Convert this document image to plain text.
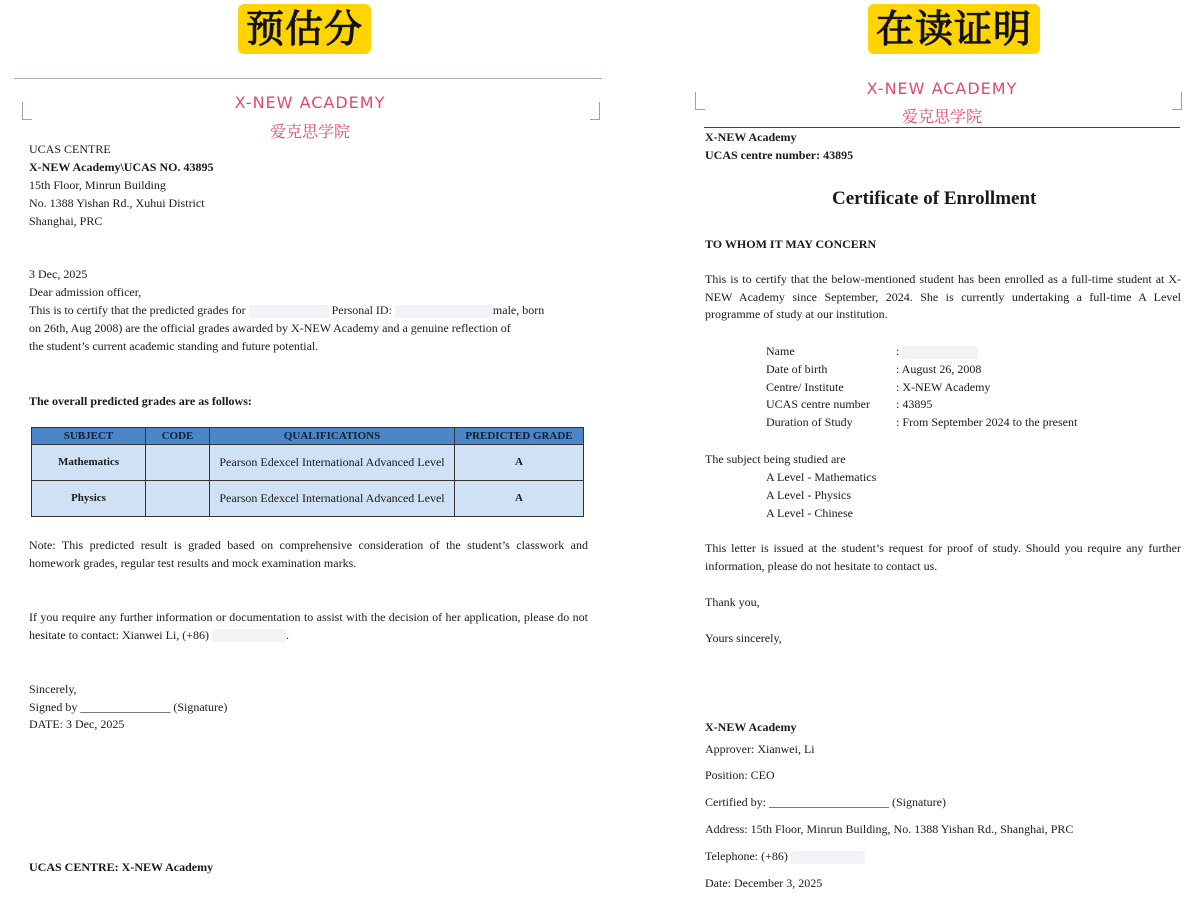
预估分	在读证明
X-NEW ACADEMY
爱克思学院
UCAS CENTRE
X-NEW Academy\UCAS NO. 43895
15th Floor, Minrun Building
No. 1388 Yishan Rd., Xuhui District
Shanghai, PRC
3 Dec, 2025
Dear admission officer,
This is to certify that the predicted grades for	Personal ID:	male, born
on 26th, Aug 2008) are the official grades awarded by X-NEW Academy and a genuine reflection of
the student’s current academic standing and future potential.
The overall predicted grades are as follows:
SUBJECT	CODE	QUALIFICATIONS	PREDICTED GRADE
Mathematics		Pearson Edexcel International Advanced Level	A
Physics		Pearson Edexcel International Advanced Level	A
Note: This predicted result is graded based on comprehensive consideration of the student’s classwork and homework grades, regular test results and mock examination marks.
If you require any further information or documentation to assist with the decision of her application, please do not hesitate to contact: Xianwei Li, (+86)	.
Sincerely,
Signed by _______________ (Signature)
DATE: 3 Dec, 2025
UCAS CENTRE: X-NEW Academy
X-NEW ACADEMY
爱克思学院
X-NEW Academy
UCAS centre number: 43895
Certificate of Enrollment
TO WHOM IT MAY CONCERN
This is to certify that the below-mentioned student has been enrolled as a full-time student at X-NEW Academy since September, 2024. She is currently undertaking a full-time A Level programme of study at our institution.
Name	:
Date of birth	: August 26, 2008
Centre/ Institute	: X-NEW Academy
UCAS centre number : 43895
Duration of Study	: From September 2024 to the present
The subject being studied are
A Level - Mathematics
A Level - Physics
A Level - Chinese
This letter is issued at the student’s request for proof of study. Should you require any further information, please do not hesitate to contact us.
Thank you,
Yours sincerely,
X-NEW Academy
Approver: Xianwei, Li
Position: CEO
Certified by: ____________________ (Signature)
Address: 15th Floor, Minrun Building, No. 1388 Yishan Rd., Shanghai, PRC
Telephone: (+86)
Date: December 3, 2025
